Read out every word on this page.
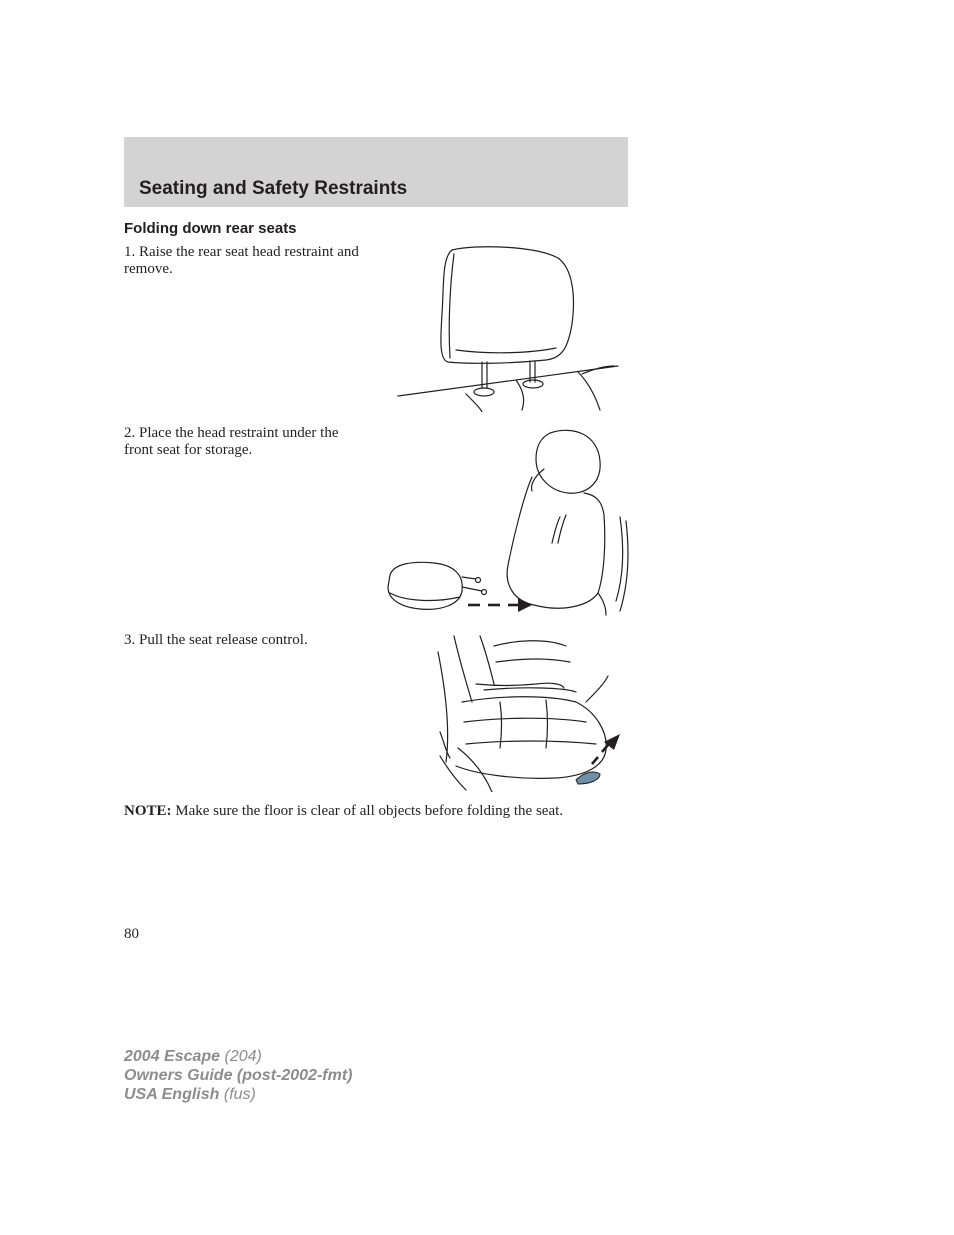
Seating and Safety Restraints
Folding down rear seats

1. Raise the rear seat head restraint and remove.

2. Place the head restraint under the front seat for storage.

3. Pull the seat release control.

NOTE: Make sure the floor is clear of all objects before folding the seat.

80

2004 Escape (204)
Owners Guide (post-2002-fmt)
USA English (fus)
